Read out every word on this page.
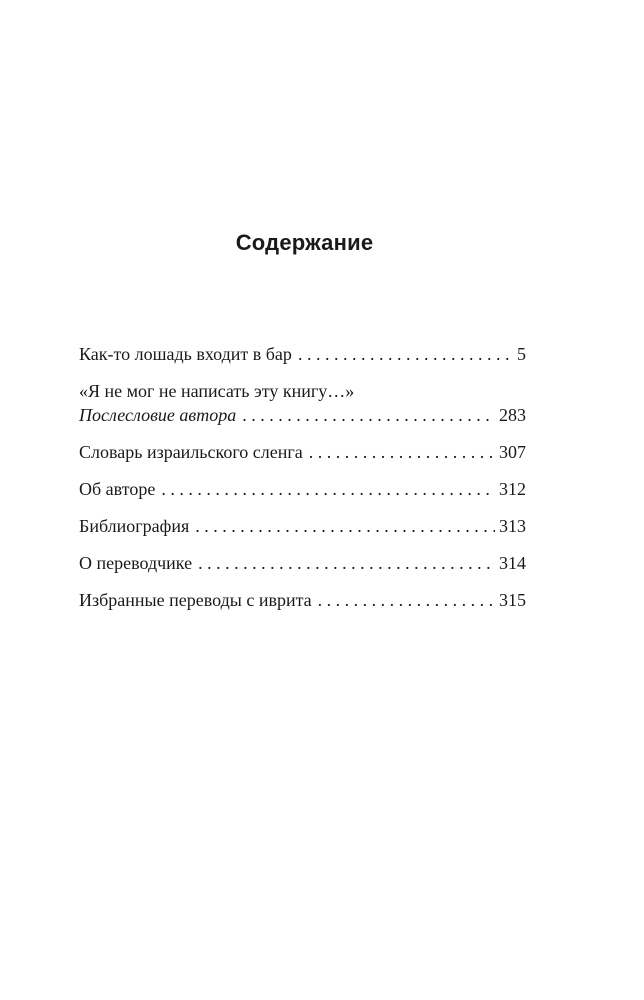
Содержание
Как-то лошадь входит в бар . . .	5
«Я не мог не написать эту книгу…»
Послесловие автора . . .	283
Словарь израильского сленга . . .	307
Об авторе . . .	312
Библиография . . .	313
О переводчике . . .	314
Избранные переводы с иврита . . .	315
